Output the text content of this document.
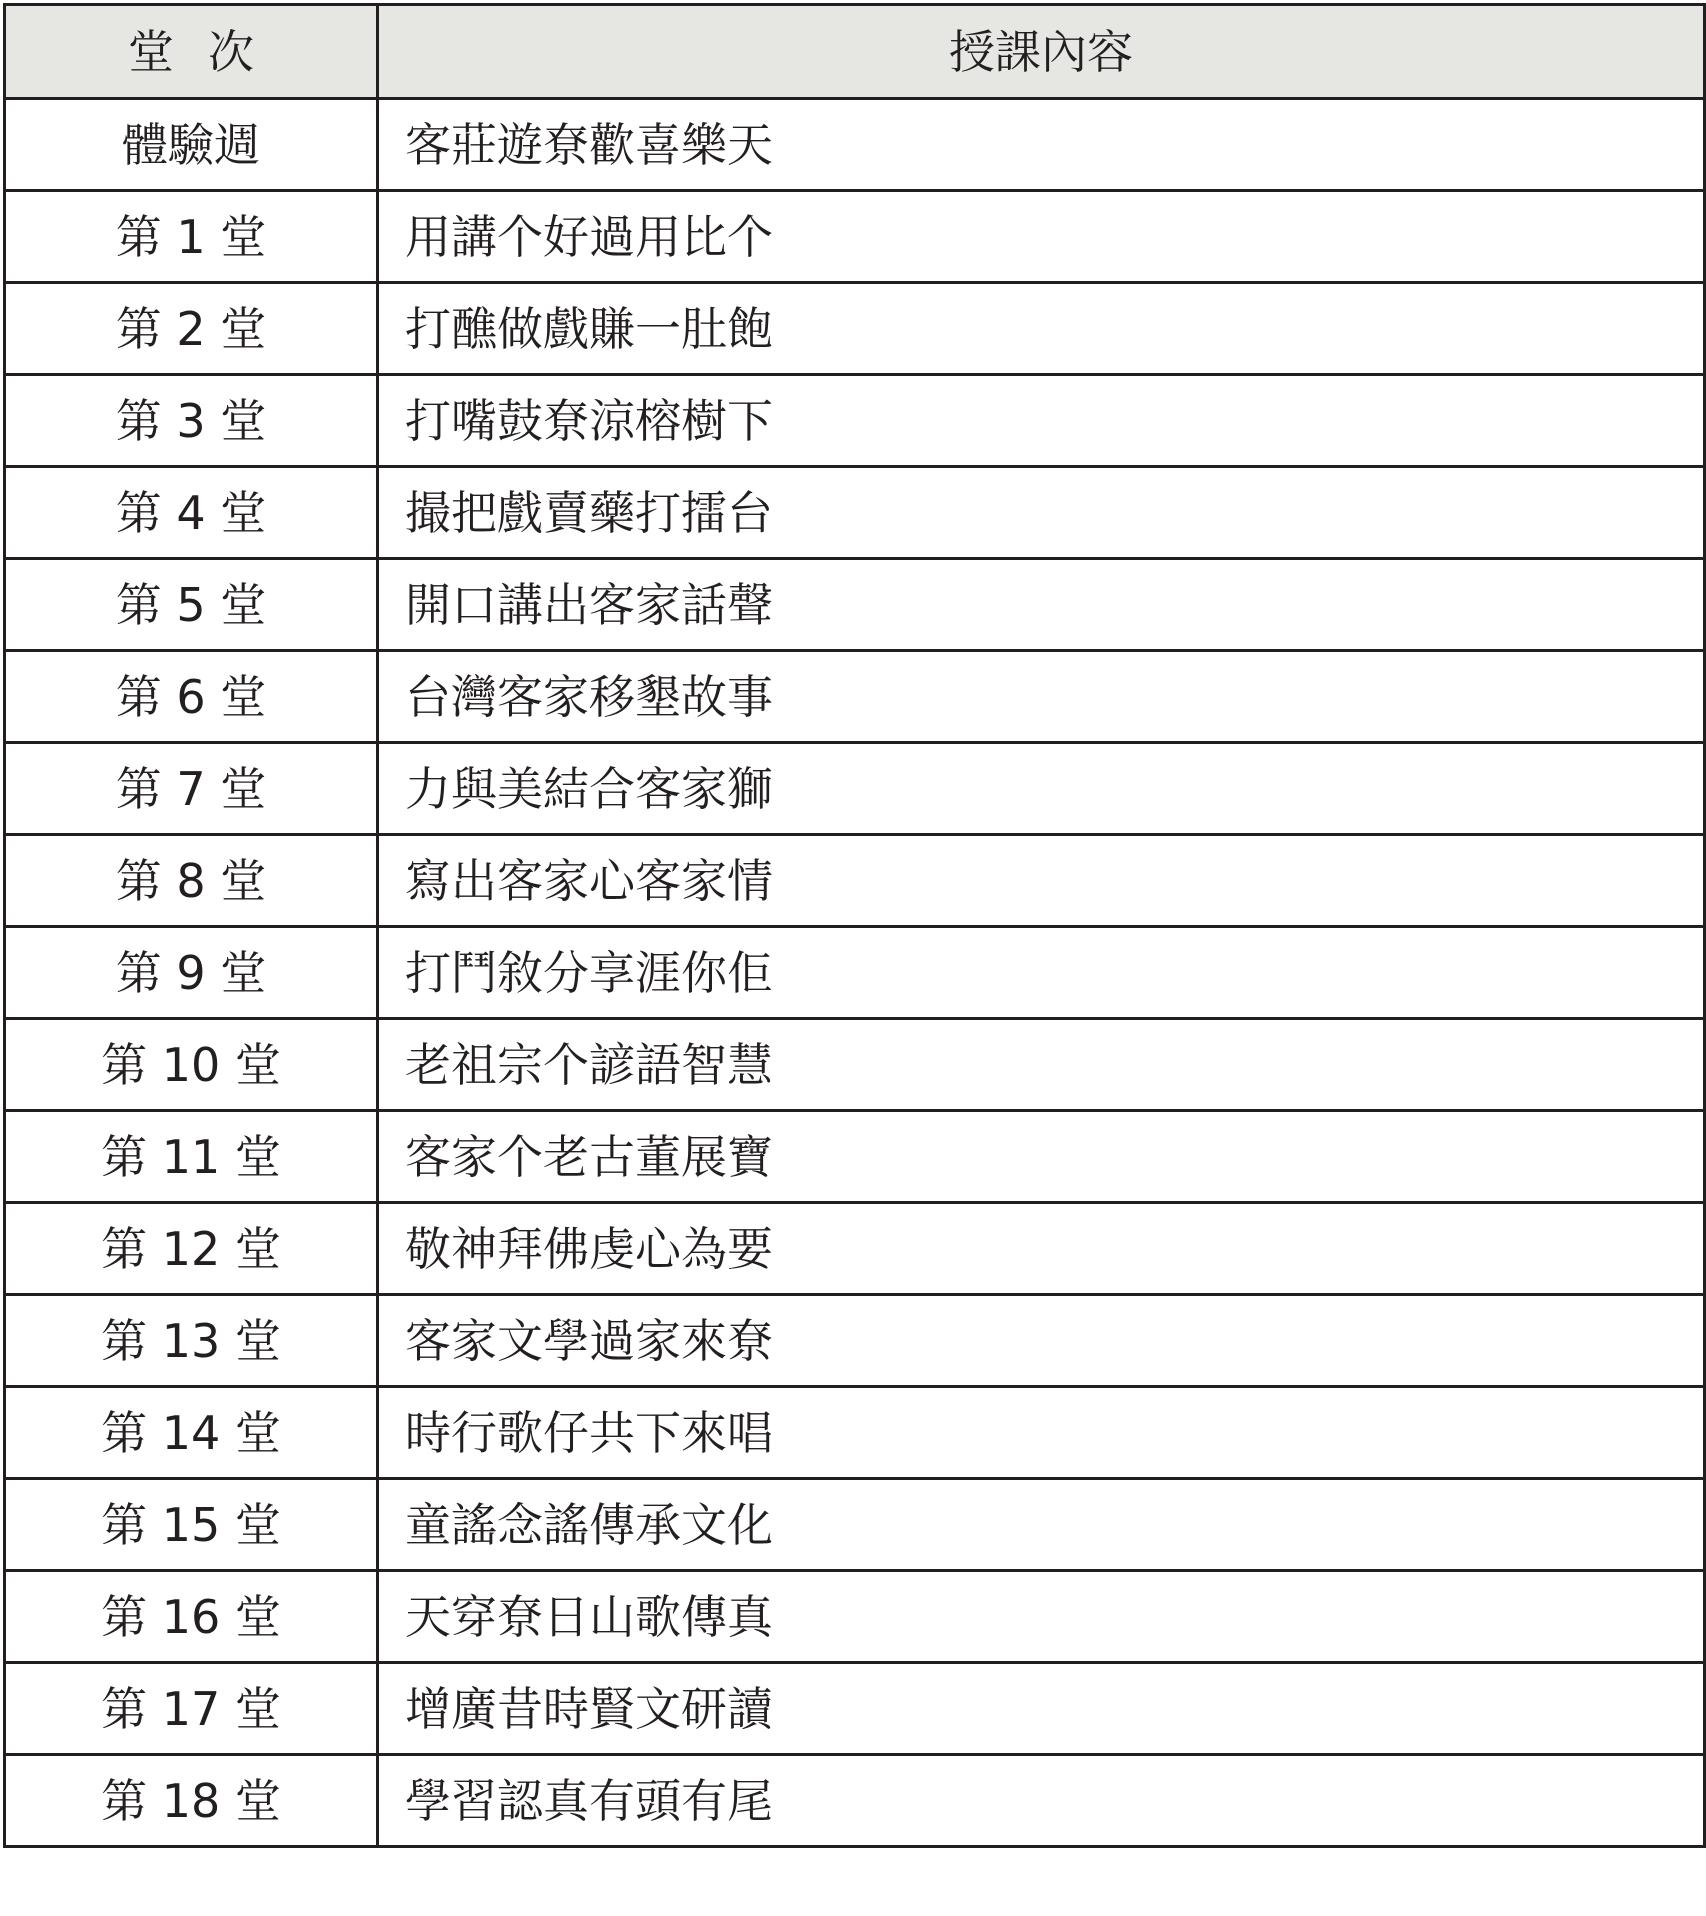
堂次	授課內容
體驗週	客莊遊尞歡喜樂天
第 1 堂	用講个好過用比个
第 2 堂	打醮做戲賺一肚飽
第 3 堂	打嘴鼓尞涼榕樹下
第 4 堂	撮把戲賣藥打擂台
第 5 堂	開口講出客家話聲
第 6 堂	台灣客家移墾故事
第 7 堂	力與美結合客家獅
第 8 堂	寫出客家心客家情
第 9 堂	打鬥敘分享涯你佢
第 10 堂	老祖宗个諺語智慧
第 11 堂	客家个老古董展寶
第 12 堂	敬神拜佛虔心為要
第 13 堂	客家文學過家來尞
第 14 堂	時行歌仔共下來唱
第 15 堂	童謠念謠傳承文化
第 16 堂	天穿尞日山歌傳真
第 17 堂	增廣昔時賢文研讀
第 18 堂	學習認真有頭有尾
